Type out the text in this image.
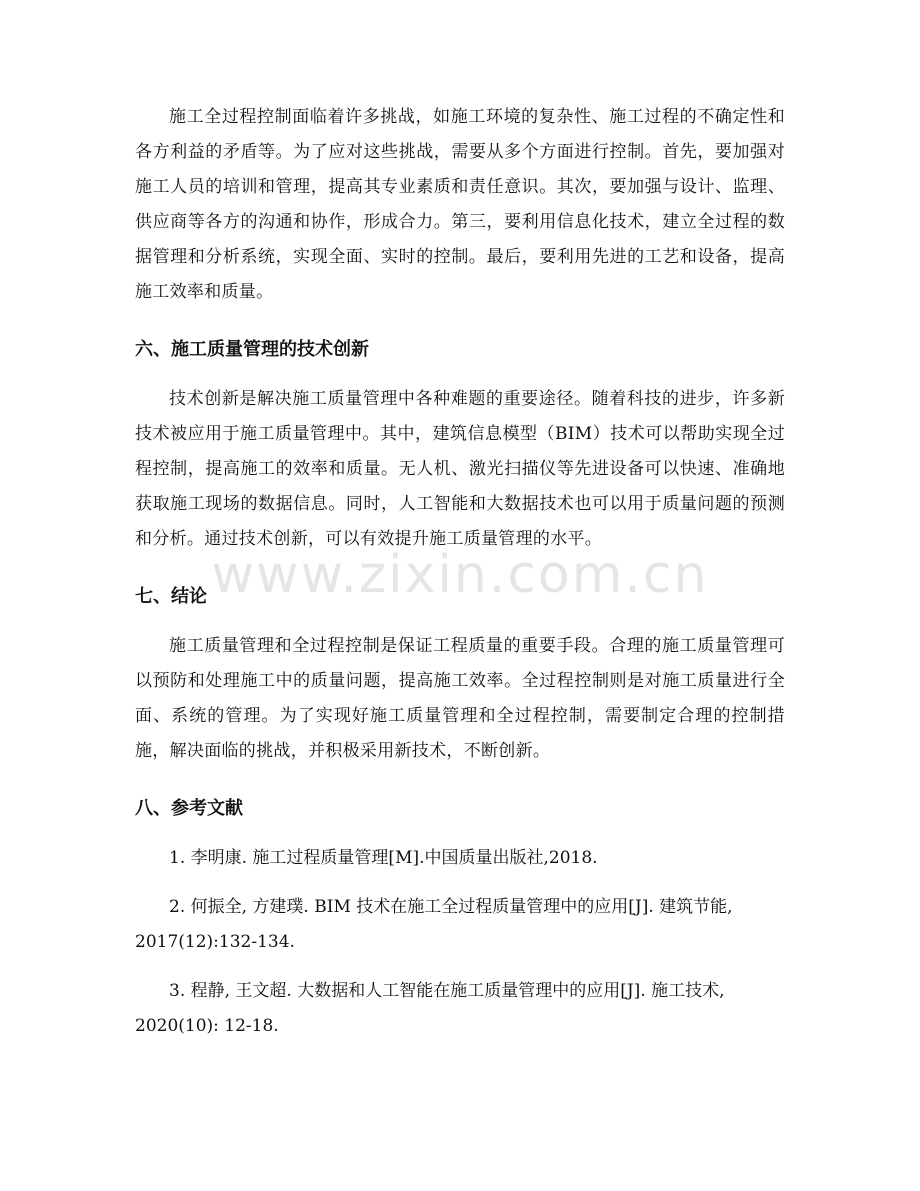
施工全过程控制面临着许多挑战，如施工环境的复杂性、施工过程的不确定性和各方利益的矛盾等。为了应对这些挑战，需要从多个方面进行控制。首先，要加强对施工人员的培训和管理，提高其专业素质和责任意识。其次，要加强与设计、监理、供应商等各方的沟通和协作，形成合力。第三，要利用信息化技术，建立全过程的数据管理和分析系统，实现全面、实时的控制。最后，要利用先进的工艺和设备，提高施工效率和质量。

六、施工质量管理的技术创新

技术创新是解决施工质量管理中各种难题的重要途径。随着科技的进步，许多新技术被应用于施工质量管理中。其中，建筑信息模型（BIM）技术可以帮助实现全过程控制，提高施工的效率和质量。无人机、激光扫描仪等先进设备可以快速、准确地获取施工现场的数据信息。同时，人工智能和大数据技术也可以用于质量问题的预测和分析。通过技术创新，可以有效提升施工质量管理的水平。

七、结论

施工质量管理和全过程控制是保证工程质量的重要手段。合理的施工质量管理可以预防和处理施工中的质量问题，提高施工效率。全过程控制则是对施工质量进行全面、系统的管理。为了实现好施工质量管理和全过程控制，需要制定合理的控制措施，解决面临的挑战，并积极采用新技术，不断创新。

八、参考文献

1. 李明康. 施工过程质量管理[M].中国质量出版社,2018.

2. 何振全, 方建璞. BIM 技术在施工全过程质量管理中的应用[J]. 建筑节能, 2017(12):132-134.

3. 程静, 王文超. 大数据和人工智能在施工质量管理中的应用[J]. 施工技术, 2020(10): 12-18.

www.zixin.com.cn
